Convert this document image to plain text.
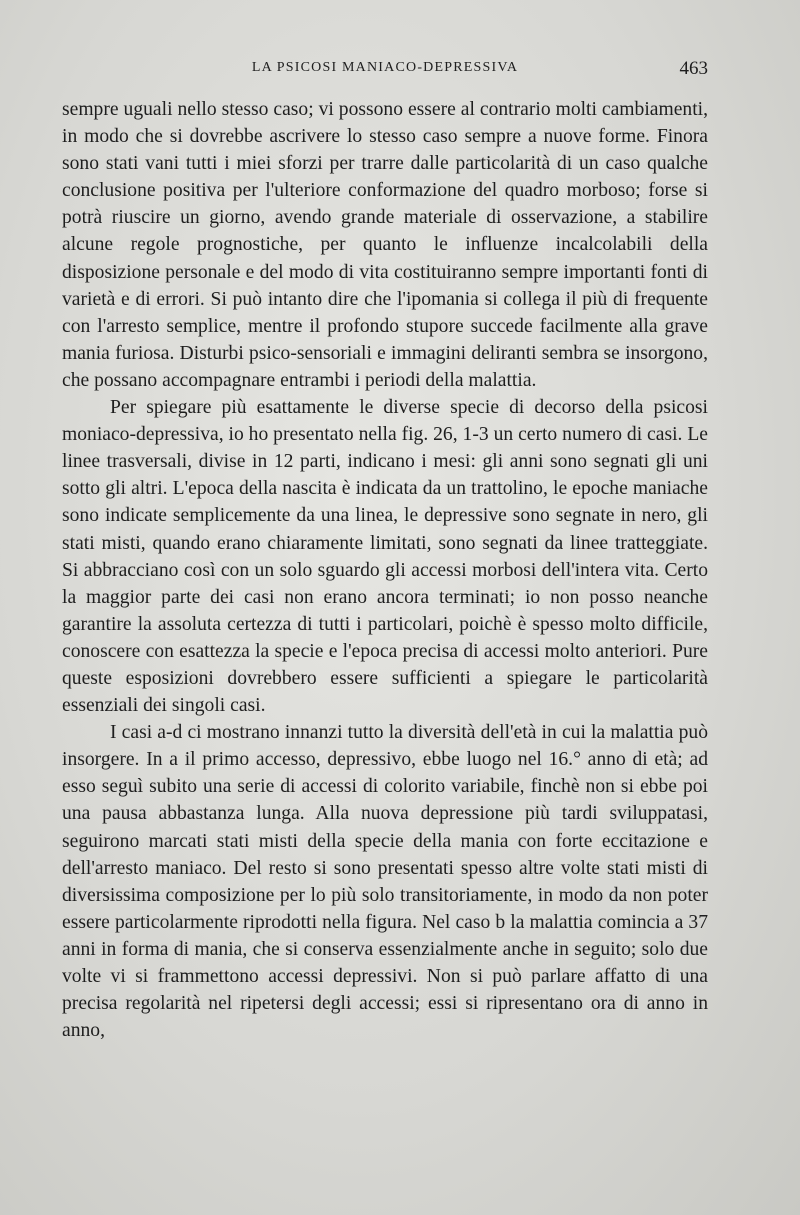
LA PSICOSI MANIACO-DEPRESSIVA	463

sempre uguali nello stesso caso; vi possono essere al contrario molti cambiamenti, in modo che si dovrebbe ascrivere lo stesso caso sempre a nuove forme. Finora sono stati vani tutti i miei sforzi per trarre dalle particolarità di un caso qualche conclusione positiva per l'ulteriore conformazione del quadro morboso; forse si potrà riuscire un giorno, avendo grande materiale di osservazione, a stabilire alcune regole prognostiche, per quanto le influenze incalcolabili della disposizione personale e del modo di vita costituiranno sempre importanti fonti di varietà e di errori. Si può intanto dire che l'ipomania si collega il più di frequente con l'arresto semplice, mentre il profondo stupore succede facilmente alla grave mania furiosa. Disturbi psico-sensoriali e immagini deliranti sembra se insorgono, che possano accompagnare entrambi i periodi della malattia.

Per spiegare più esattamente le diverse specie di decorso della psicosi moniaco-depressiva, io ho presentato nella fig. 26, 1-3 un certo numero di casi. Le linee trasversali, divise in 12 parti, indicano i mesi: gli anni sono segnati gli uni sotto gli altri. L'epoca della nascita è indicata da un trattolino, le epoche maniache sono indicate semplicemente da una linea, le depressive sono segnate in nero, gli stati misti, quando erano chiaramente limitati, sono segnati da linee tratteggiate. Si abbracciano così con un solo sguardo gli accessi morbosi dell'intera vita. Certo la maggior parte dei casi non erano ancora terminati; io non posso neanche garantire la assoluta certezza di tutti i particolari, poichè è spesso molto difficile, conoscere con esattezza la specie e l'epoca precisa di accessi molto anteriori. Pure queste esposizioni dovrebbero essere sufficienti a spiegare le particolarità essenziali dei singoli casi.

I casi a-d ci mostrano innanzi tutto la diversità dell'età in cui la malattia può insorgere. In a il primo accesso, depressivo, ebbe luogo nel 16.° anno di età; ad esso seguì subito una serie di accessi di colorito variabile, finchè non si ebbe poi una pausa abbastanza lunga. Alla nuova depressione più tardi sviluppatasi, seguirono marcati stati misti della specie della mania con forte eccitazione e dell'arresto maniaco. Del resto si sono presentati spesso altre volte stati misti di diversissima composizione per lo più solo transitoriamente, in modo da non poter essere particolarmente riprodotti nella figura. Nel caso b la malattia comincia a 37 anni in forma di mania, che si conserva essenzialmente anche in seguito; solo due volte vi si frammettono accessi depressivi. Non si può parlare affatto di una precisa regolarità nel ripetersi degli accessi; essi si ripresentano ora di anno in anno,
